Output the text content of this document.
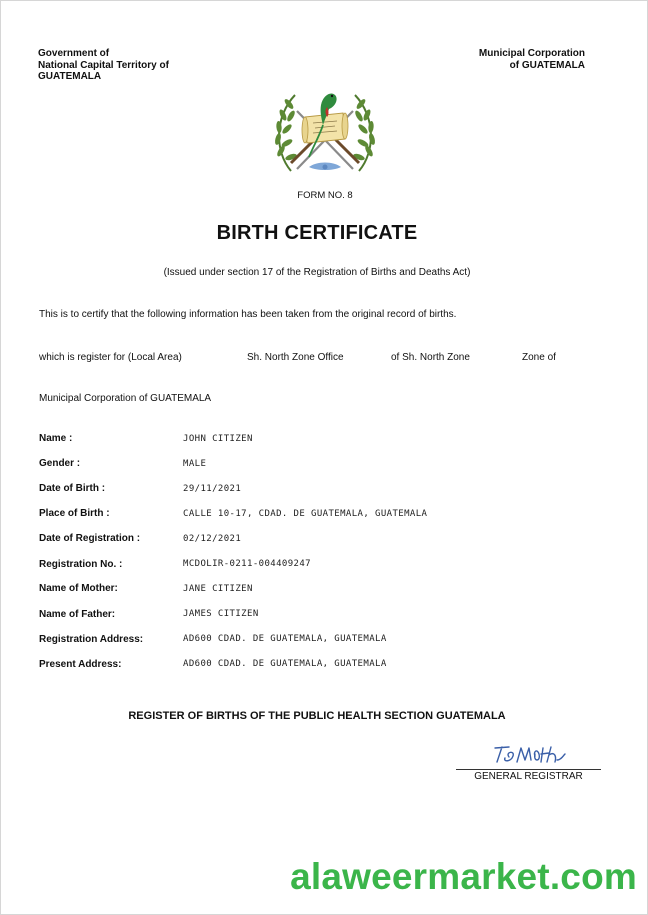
Government of
National Capital Territory of
GUATEMALA
Municipal Corporation
of GUATEMALA
FORM NO. 8
BIRTH CERTIFICATE
(Issued under section 17 of the Registration of Births and Deaths Act)
This is to certify that the following information has been taken from the original record of births.
which is register for (Local Area)	Sh. North Zone Office	of Sh. North Zone	Zone of
Municipal Corporation of GUATEMALA
Name :	JOHN CITIZEN
Gender :	MALE
Date of Birth :	29/11/2021
Place of Birth :	CALLE 10-17, CDAD. DE GUATEMALA, GUATEMALA
Date of Registration :	02/12/2021
Registration No. :	MCDOLIR-0211-004409247
Name of Mother:	JANE CITIZEN
Name of Father:	JAMES CITIZEN
Registration Address:	AD600 CDAD. DE GUATEMALA, GUATEMALA
Present Address:	AD600 CDAD. DE GUATEMALA, GUATEMALA
REGISTER OF BIRTHS OF THE PUBLIC HEALTH SECTION GUATEMALA
GENERAL REGISTRAR
alaweermarket.com
